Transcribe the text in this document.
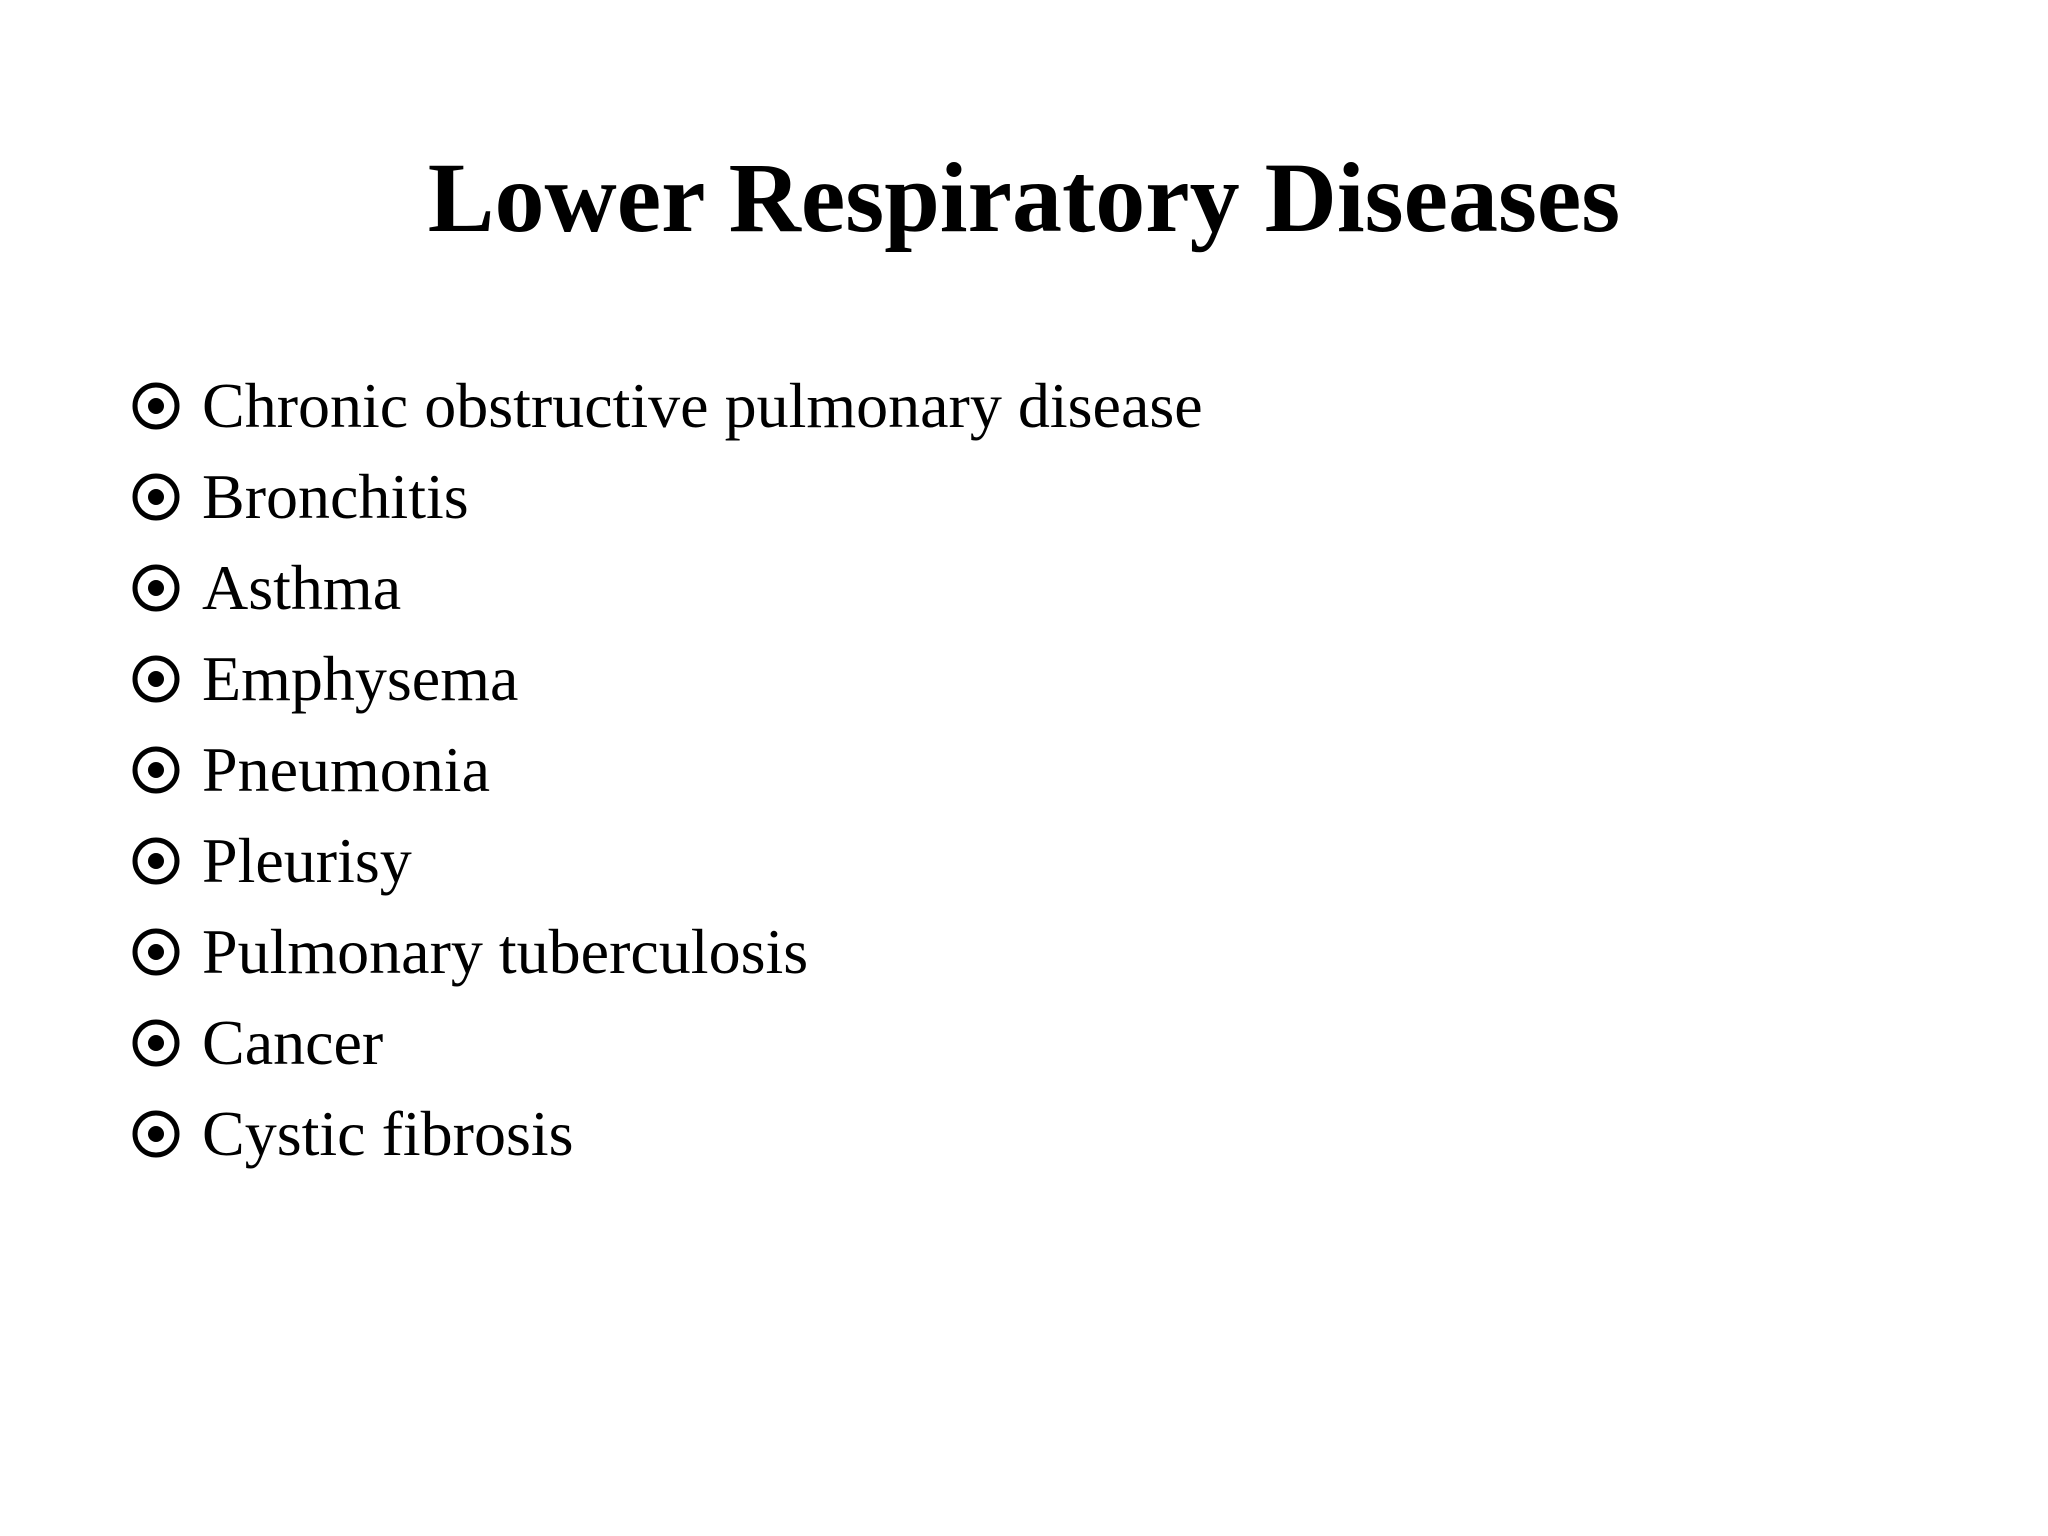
Lower Respiratory Diseases
Chronic obstructive pulmonary disease
Bronchitis
Asthma
Emphysema
Pneumonia
Pleurisy
Pulmonary tuberculosis
Cancer
Cystic fibrosis
